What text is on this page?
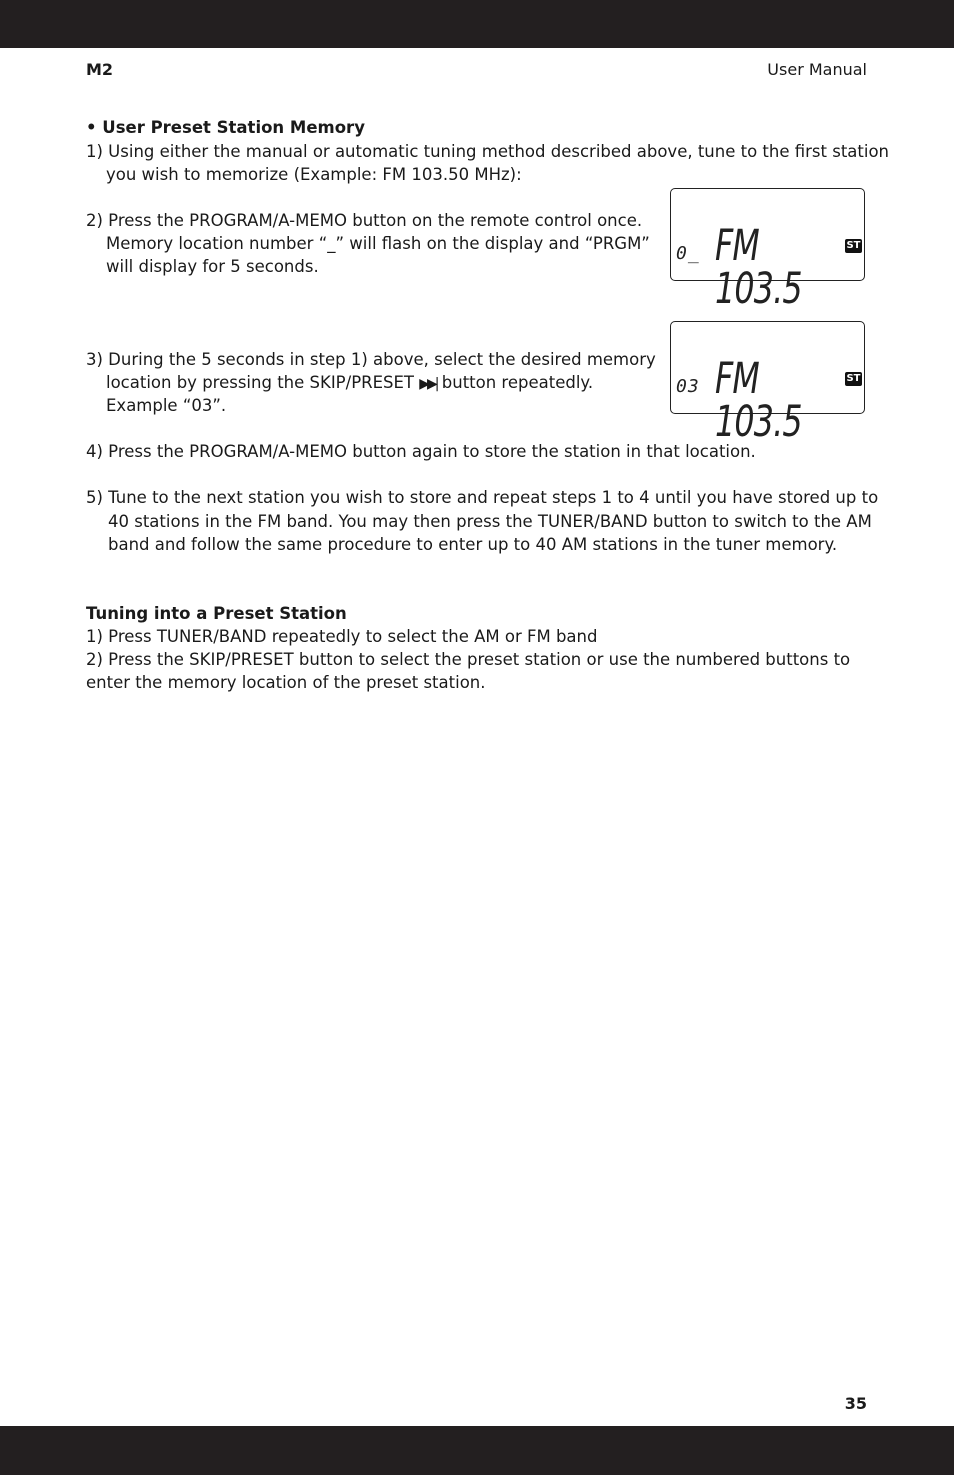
M2	User Manual
• User Preset Station Memory
1) Using either the manual or automatic tuning method described above, tune to the first station
you wish to memorize (Example: FM 103.50 MHz):
2) Press the PROGRAM/A-MEMO button on the remote control once.
Memory location number “_” will flash on the display and “PRGM”
will display for 5 seconds.
0_ FM 103.5
ST
3) During the 5 seconds in step 1) above, select the desired memory
location by pressing the SKIP/PRESET ▶▶| button repeatedly.
Example “03”.
03 FM 103.5
ST
4) Press the PROGRAM/A-MEMO button again to store the station in that location.
5) Tune to the next station you wish to store and repeat steps 1 to 4 until you have stored up to
40 stations in the FM band. You may then press the TUNER/BAND button to switch to the AM
band and follow the same procedure to enter up to 40 AM stations in the tuner memory.
Tuning into a Preset Station
1) Press TUNER/BAND repeatedly to select the AM or FM band
2) Press the SKIP/PRESET button to select the preset station or use the numbered buttons to
enter the memory location of the preset station.
35
